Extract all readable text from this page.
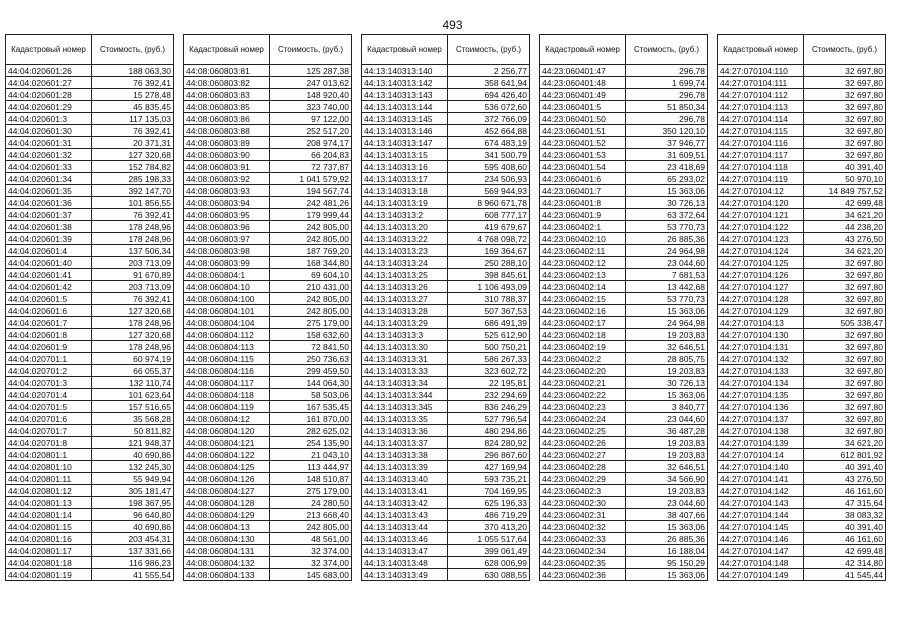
493
Кадастровый номер	Стоимость, (руб.)
44:04:020601:26	188 063,30
44:04:020601:27	76 392,41
44:04:020601:28	15 278,48
44:04:020601:29	45 835,45
44:04:020601:3	117 135,03
44:04:020601:30	76 392,41
44:04:020601:31	20 371,31
44:04:020601:32	127 320,68
44:04:020601:33	152 784,82
44:04:020601:34	285 198,33
44:04:020601:35	392 147,70
44:04:020601:36	101 856,55
44:04:020601:37	76 392,41
44:04:020601:38	178 248,96
44:04:020601:39	178 248,96
44:04:020601:4	137 506,34
44:04:020601:40	203 713,09
44:04:020601:41	91 670,89
44:04:020601:42	203 713,09
44:04:020601:5	76 392,41
44:04:020601:6	127 320,68
44:04:020601:7	178 248,96
44:04:020601:8	127 320,68
44:04:020601:9	178 248,96
44:04:020701:1	60 974,19
44:04:020701:2	66 055,37
44:04:020701:3	132 110,74
44:04:020701:4	101 623,64
44:04:020701:5	157 516,65
44:04:020701:6	35 568,28
44:04:020701:7	50 811,82
44:04:020701:8	121 948,37
44:04:020801:1	40 690,86
44:04:020801:10	132 245,30
44:04:020801:11	55 949,94
44:04:020801:12	305 181,47
44:04:020801:13	198 367,95
44:04:020801:14	96 640,80
44:04:020801:15	40 690,86
44:04:020801:16	203 454,31
44:04:020801:17	137 331,66
44:04:020801:18	116 986,23
44:04:020801:19	41 555,54
Кадастровый номер	Стоимость, (руб.)
44:08:060803:81	125 287,38
44:08:060803:82	247 013,62
44:08:060803:83	148 920,40
44:08:060803:85	323 740,00
44:08:060803:86	97 122,00
44:08:060803:88	252 517,20
44:08:060803:89	208 974,17
44:08:060803:90	66 204,83
44:08:060803:91	72 737,87
44:08:060803:92	1 041 579,92
44:08:060803:93	194 567,74
44:08:060803:94	242 481,26
44:08:060803:95	179 999,44
44:08:060803:96	242 805,00
44:08:060803:97	242 805,00
44:08:060803:98	187 769,20
44:08:060803:99	168 344,80
44:08:060804:1	69 604,10
44:08:060804:10	210 431,00
44:08:060804:100	242 805,00
44:08:060804:101	242 805,00
44:08:060804:104	275 179,00
44:08:060804:112	158 632,60
44:08:060804:113	72 841,50
44:08:060804:115	250 736,63
44:08:060804:116	299 459,50
44:08:060804:117	144 064,30
44:08:060804:118	58 503,06
44:08:060804:119	167 535,45
44:08:060804:12	161 870,00
44:08:060804:120	282 625,02
44:08:060804:121	254 135,90
44:08:060804:122	21 043,10
44:08:060804:125	113 444,97
44:08:060804:126	148 510,87
44:08:060804:127	275 179,00
44:08:060804:128	24 280,50
44:08:060804:129	213 668,40
44:08:060804:13	242 805,00
44:08:060804:130	48 561,00
44:08:060804:131	32 374,00
44:08:060804:132	32 374,00
44:08:060804:133	145 683,00
Кадастровый номер	Стоимость, (руб.)
44:13:140313:140	2 256,77
44:13:140313:142	358 641,94
44:13:140313:143	694 426,40
44:13:140313:144	536 072,60
44:13:140313:145	372 766,09
44:13:140313:146	452 664,88
44:13:140313:147	674 483,19
44:13:140313:15	341 500,79
44:13:140313:16	595 408,60
44:13:140313:17	234 506,93
44:13:140313:18	569 944,93
44:13:140313:19	8 960 671,78
44:13:140313:2	608 777,17
44:13:140313:20	419 679,67
44:13:140313:22	4 768 098,72
44:13:140313:23	169 364,67
44:13:140313:24	250 288,10
44:13:140313:25	398 845,61
44:13:140313:26	1 106 493,09
44:13:140313:27	310 788,37
44:13:140313:28	507 367,53
44:13:140313:29	686 491,39
44:13:140313:3	525 612,90
44:13:140313:30	500 750,21
44:13:140313:31	586 267,33
44:13:140313:33	323 602,72
44:13:140313:34	22 195,81
44:13:140313:344	232 294,69
44:13:140313:345	836 246,29
44:13:140313:35	527 796,54
44:13:140313:36	480 294,86
44:13:140313:37	824 280,92
44:13:140313:38	296 867,60
44:13:140313:39	427 169,94
44:13:140313:40	593 735,21
44:13:140313:41	704 169,95
44:13:140313:42	625 196,33
44:13:140313:43	486 719,29
44:13:140313:44	370 413,20
44:13:140313:46	1 055 517,64
44:13:140313:47	399 061,49
44:13:140313:48	628 006,99
44:13:140313:49	630 088,55
Кадастровый номер	Стоимость, (руб.)
44:23:060401:47	296,78
44:23:060401:48	1 699,74
44:23:060401:49	296,78
44:23:060401:5	51 850,34
44:23:060401:50	296,78
44:23:060401:51	350 120,10
44:23:060401:52	37 946,77
44:23:060401:53	31 609,51
44:23:060401:54	23 418,69
44:23:060401:6	65 293,02
44:23:060401:7	15 363,06
44:23:060401:8	30 726,13
44:23:060401:9	63 372,64
44:23:060402:1	53 770,73
44:23:060402:10	26 885,36
44:23:060402:11	24 964,98
44:23:060402:12	23 044,60
44:23:060402:13	7 681,53
44:23:060402:14	13 442,68
44:23:060402:15	53 770,73
44:23:060402:16	15 363,06
44:23:060402:17	24 964,98
44:23:060402:18	19 203,83
44:23:060402:19	32 646,51
44:23:060402:2	28 805,75
44:23:060402:20	19 203,83
44:23:060402:21	30 726,13
44:23:060402:22	15 363,06
44:23:060402:23	3 840,77
44:23:060402:24	23 044,60
44:23:060402:25	36 487,28
44:23:060402:26	19 203,83
44:23:060402:27	19 203,83
44:23:060402:28	32 646,51
44:23:060402:29	34 566,90
44:23:060402:3	19 203,83
44:23:060402:30	23 044,60
44:23:060402:31	38 407,66
44:23:060402:32	15 363,06
44:23:060402:33	26 885,36
44:23:060402:34	16 188,04
44:23:060402:35	95 150,29
44:23:060402:36	15 363,06
Кадастровый номер	Стоимость, (руб.)
44:27:070104:110	32 697,80
44:27:070104:111	32 697,80
44:27:070104:112	32 697,80
44:27:070104:113	32 697,80
44:27:070104:114	32 697,80
44:27:070104:115	32 697,80
44:27:070104:116	32 697,80
44:27:070104:117	32 697,80
44:27:070104:118	40 391,40
44:27:070104:119	50 970,10
44:27:070104:12	14 849 757,52
44:27:070104:120	42 699,48
44:27:070104:121	34 621,20
44:27:070104:122	44 238,20
44:27:070104:123	43 276,50
44:27:070104:124	34 621,20
44:27:070104:125	32 697,80
44:27:070104:126	32 697,80
44:27:070104:127	32 697,80
44:27:070104:128	32 697,80
44:27:070104:129	32 697,80
44:27:070104:13	505 338,47
44:27:070104:130	32 697,80
44:27:070104:131	32 697,80
44:27:070104:132	32 697,80
44:27:070104:133	32 697,80
44:27:070104:134	32 697,80
44:27:070104:135	32 697,80
44:27:070104:136	32 697,80
44:27:070104:137	32 697,80
44:27:070104:138	32 697,80
44:27:070104:139	34 621,20
44:27:070104:14	612 801,92
44:27:070104:140	40 391,40
44:27:070104:141	43 276,50
44:27:070104:142	46 161,60
44:27:070104:143	47 315,64
44:27:070104:144	38 083,32
44:27:070104:145	40 391,40
44:27:070104:146	46 161,60
44:27:070104:147	42 699,48
44:27:070104:148	42 314,80
44:27:070104:149	41 545,44
